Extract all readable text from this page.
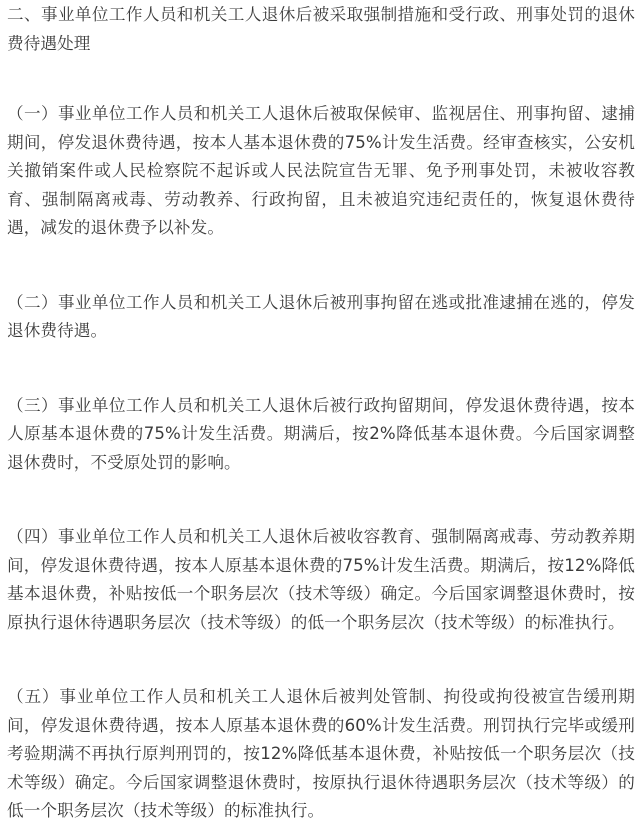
二、事业单位工作人员和机关工人退休后被采取强制措施和受行政、刑事处罚的退休费待遇处理

（一）事业单位工作人员和机关工人退休后被取保候审、监视居住、刑事拘留、逮捕期间，停发退休费待遇，按本人基本退休费的75%计发生活费。经审查核实，公安机关撤销案件或人民检察院不起诉或人民法院宣告无罪、免予刑事处罚，未被收容教育、强制隔离戒毒、劳动教养、行政拘留，且未被追究违纪责任的，恢复退休费待遇，减发的退休费予以补发。

（二）事业单位工作人员和机关工人退休后被刑事拘留在逃或批准逮捕在逃的，停发退休费待遇。

（三）事业单位工作人员和机关工人退休后被行政拘留期间，停发退休费待遇，按本人原基本退休费的75%计发生活费。期满后，按2%降低基本退休费。今后国家调整退休费时，不受原处罚的影响。

（四）事业单位工作人员和机关工人退休后被收容教育、强制隔离戒毒、劳动教养期间，停发退休费待遇，按本人原基本退休费的75%计发生活费。期满后，按12%降低基本退休费，补贴按低一个职务层次（技术等级）确定。今后国家调整退休费时，按原执行退休待遇职务层次（技术等级）的低一个职务层次（技术等级）的标准执行。

（五）事业单位工作人员和机关工人退休后被判处管制、拘役或拘役被宣告缓刑期间，停发退休费待遇，按本人原基本退休费的60%计发生活费。刑罚执行完毕或缓刑考验期满不再执行原判刑罚的，按12%降低基本退休费，补贴按低一个职务层次（技术等级）确定。今后国家调整退休费时，按原执行退休待遇职务层次（技术等级）的低一个职务层次（技术等级）的标准执行。
